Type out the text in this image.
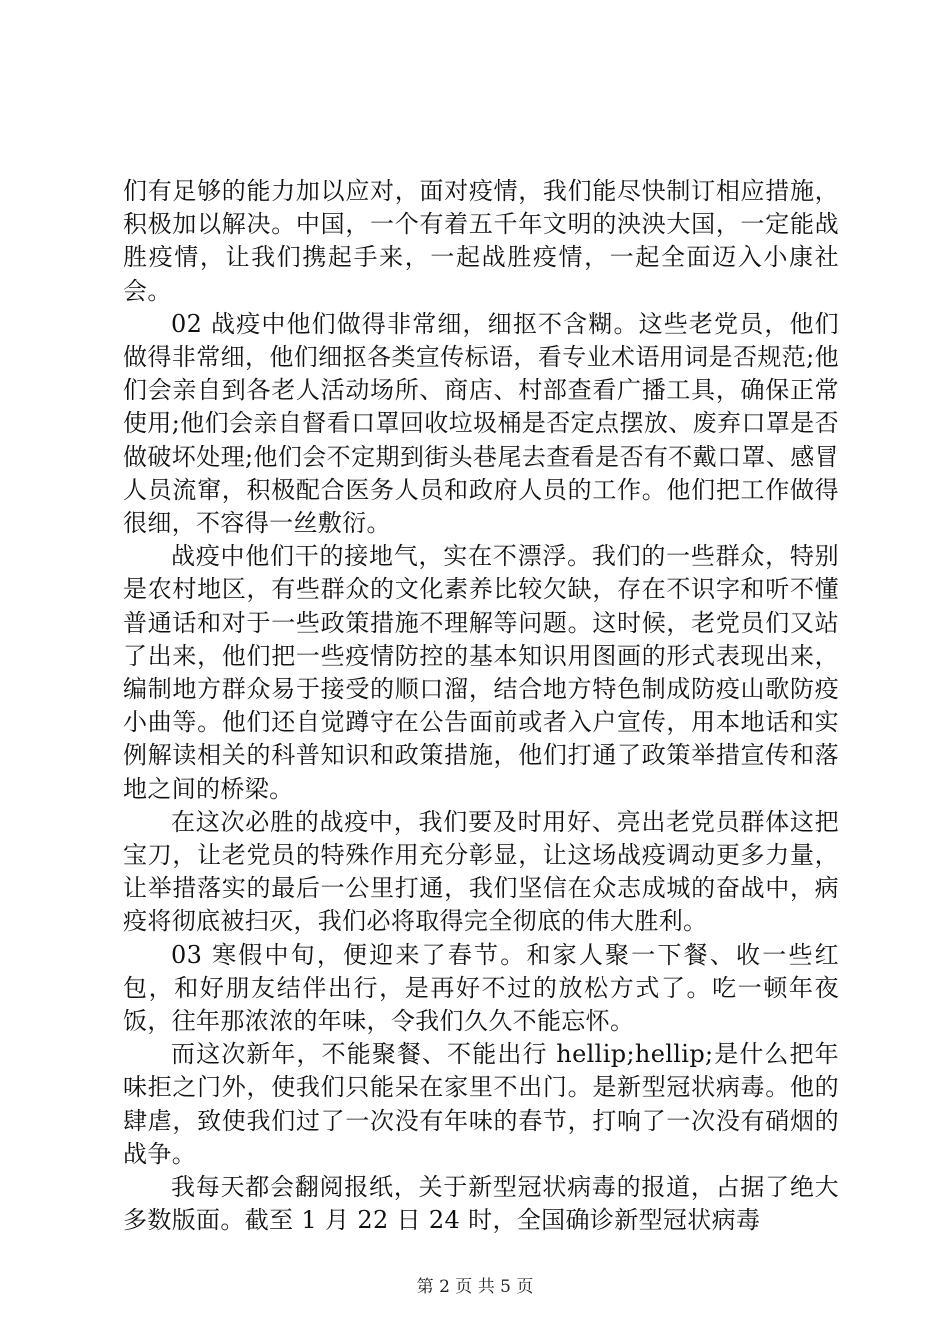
们有足够的能力加以应对，面对疫情，我们能尽快制订相应措施，积极加以解决。中国，一个有着五千年文明的泱泱大国，一定能战胜疫情，让我们携起手来，一起战胜疫情，一起全面迈入小康社会。

02 战疫中他们做得非常细，细抠不含糊。这些老党员，他们做得非常细，他们细抠各类宣传标语，看专业术语用词是否规范;他们会亲自到各老人活动场所、商店、村部查看广播工具，确保正常使用;他们会亲自督看口罩回收垃圾桶是否定点摆放、废弃口罩是否做破坏处理;他们会不定期到街头巷尾去查看是否有不戴口罩、感冒人员流窜，积极配合医务人员和政府人员的工作。他们把工作做得很细，不容得一丝敷衍。

战疫中他们干的接地气，实在不漂浮。我们的一些群众，特别是农村地区，有些群众的文化素养比较欠缺，存在不识字和听不懂普通话和对于一些政策措施不理解等问题。这时候，老党员们又站了出来，他们把一些疫情防控的基本知识用图画的形式表现出来，编制地方群众易于接受的顺口溜，结合地方特色制成防疫山歌防疫小曲等。他们还自觉蹲守在公告面前或者入户宣传，用本地话和实例解读相关的科普知识和政策措施，他们打通了政策举措宣传和落地之间的桥梁。

在这次必胜的战疫中，我们要及时用好、亮出老党员群体这把宝刀，让老党员的特殊作用充分彰显，让这场战疫调动更多力量，让举措落实的最后一公里打通，我们坚信在众志成城的奋战中，病疫将彻底被扫灭，我们必将取得完全彻底的伟大胜利。

03 寒假中旬，便迎来了春节。和家人聚一下餐、收一些红包，和好朋友结伴出行，是再好不过的放松方式了。吃一顿年夜饭，往年那浓浓的年味，令我们久久不能忘怀。

而这次新年，不能聚餐、不能出行 hellip;hellip;是什么把年味拒之门外，使我们只能呆在家里不出门。是新型冠状病毒。他的肆虐，致使我们过了一次没有年味的春节，打响了一次没有硝烟的战争。

我每天都会翻阅报纸，关于新型冠状病毒的报道，占据了绝大多数版面。截至 1 月 22 日 24 时，全国确诊新型冠状病毒

第 2 页 共 5 页
